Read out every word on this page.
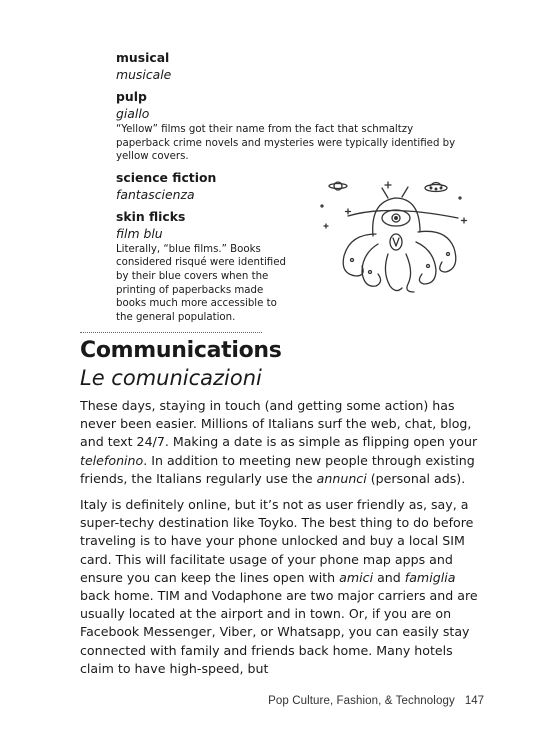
musical
musicale
pulp
giallo
“Yellow” films got their name from the fact that schmaltzy paperback crime novels and mysteries were typically identified by yellow covers.
science fiction
fantascienza
skin flicks
film blu
Literally, “blue films.” Books considered risqué were identified by their blue covers when the printing of paperbacks made books much more accessible to the general population.
Communications
Le comunicazioni

These days, staying in touch (and getting some action) has never been easier. Millions of Italians surf the web, chat, blog, and text 24/7. Making a date is as simple as flipping open your telefonino. In addition to meeting new people through existing friends, the Italians regularly use the annunci (personal ads).

Italy is definitely online, but it’s not as user friendly as, say, a super-techy destination like Toyko. The best thing to do before traveling is to have your phone unlocked and buy a local SIM card. This will facilitate usage of your phone map apps and ensure you can keep the lines open with amici and famiglia back home. TIM and Vodaphone are two major carriers and are usually located at the airport and in town. Or, if you are on Facebook Messenger, Viber, or Whatsapp, you can easily stay connected with family and friends back home. Many hotels claim to have high-speed, but

Pop Culture, Fashion, & Technology 147
